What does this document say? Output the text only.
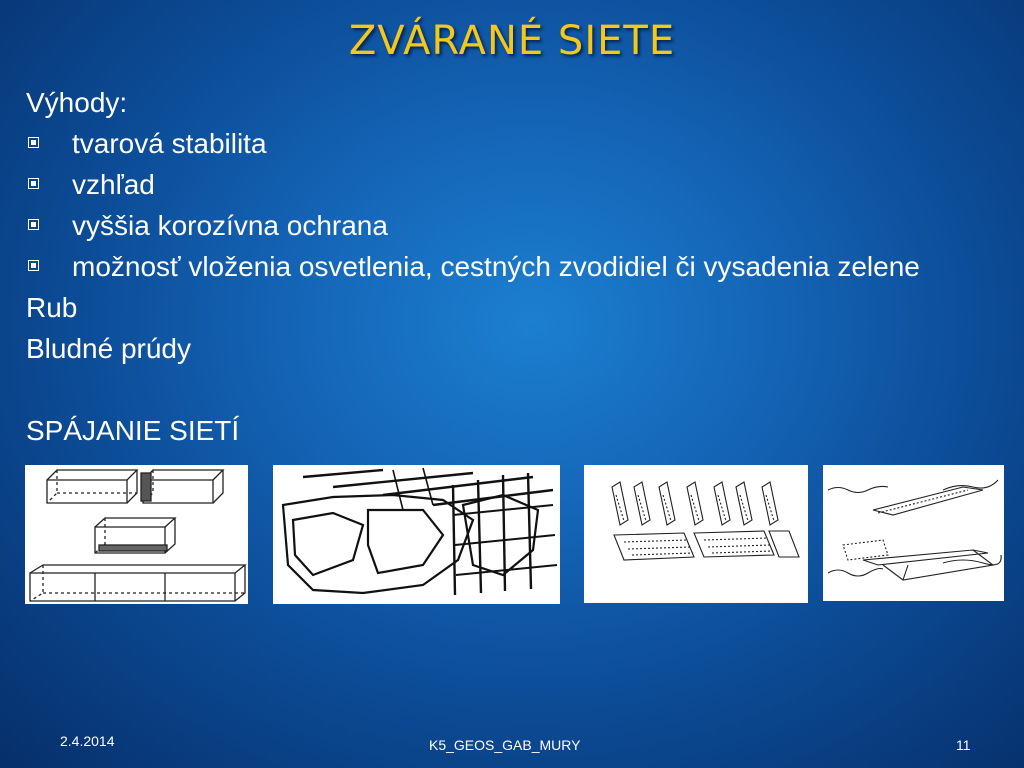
ZVÁRANÉ SIETE
Výhody:
tvarová stabilita
vzhľad
vyššia korozívna ochrana
možnosť vloženia osvetlenia, cestných zvodidiel či vysadenia zelene
Rub
Bludné prúdy
SPÁJANIE SIETÍ
2.4.2014	K5_GEOS_GAB_MURY	11
